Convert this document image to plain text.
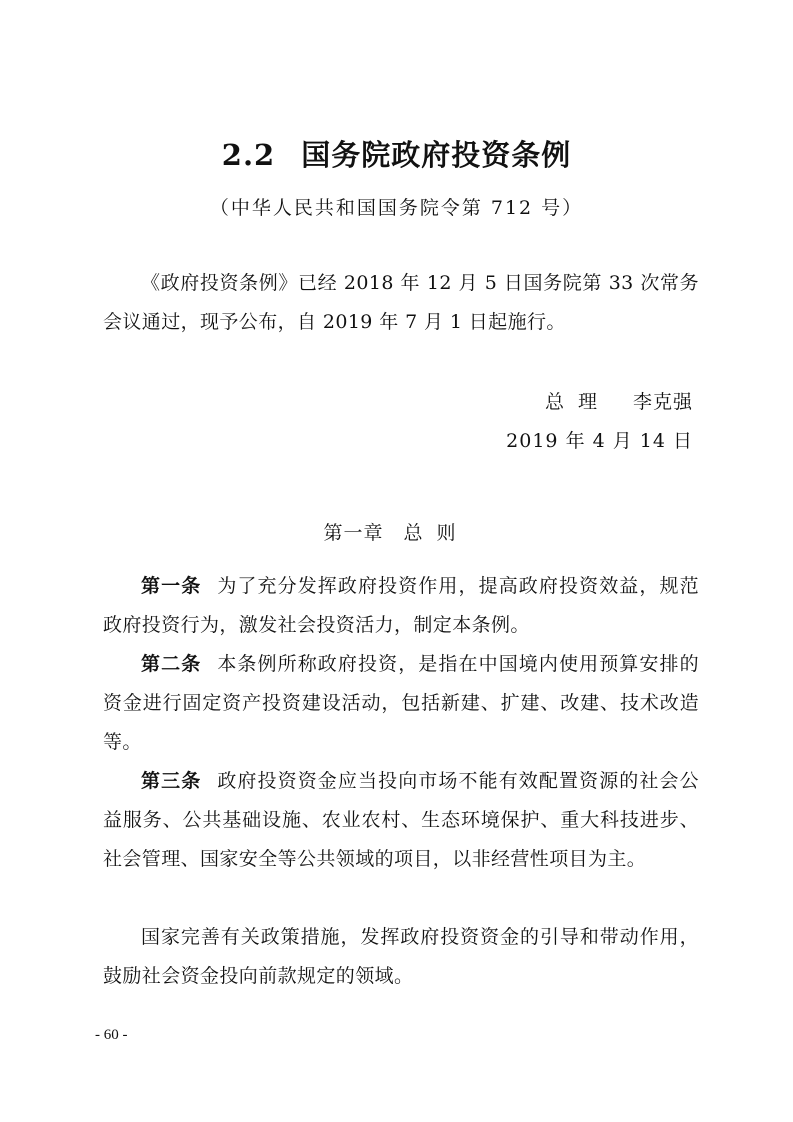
2.2 国务院政府投资条例
（中华人民共和国国务院令第 712 号）
《政府投资条例》已经 2018 年 12 月 5 日国务院第 33 次常务会议通过，现予公布，自 2019 年 7 月 1 日起施行。
总理 李克强
2019 年 4 月 14 日
第一章 总则
第一条 为了充分发挥政府投资作用，提高政府投资效益，规范政府投资行为，激发社会投资活力，制定本条例。
第二条 本条例所称政府投资，是指在中国境内使用预算安排的资金进行固定资产投资建设活动，包括新建、扩建、改建、技术改造等。
第三条 政府投资资金应当投向市场不能有效配置资源的社会公益服务、公共基础设施、农业农村、生态环境保护、重大科技进步、社会管理、国家安全等公共领域的项目，以非经营性项目为主。
国家完善有关政策措施，发挥政府投资资金的引导和带动作用，鼓励社会资金投向前款规定的领域。
- 60 -
